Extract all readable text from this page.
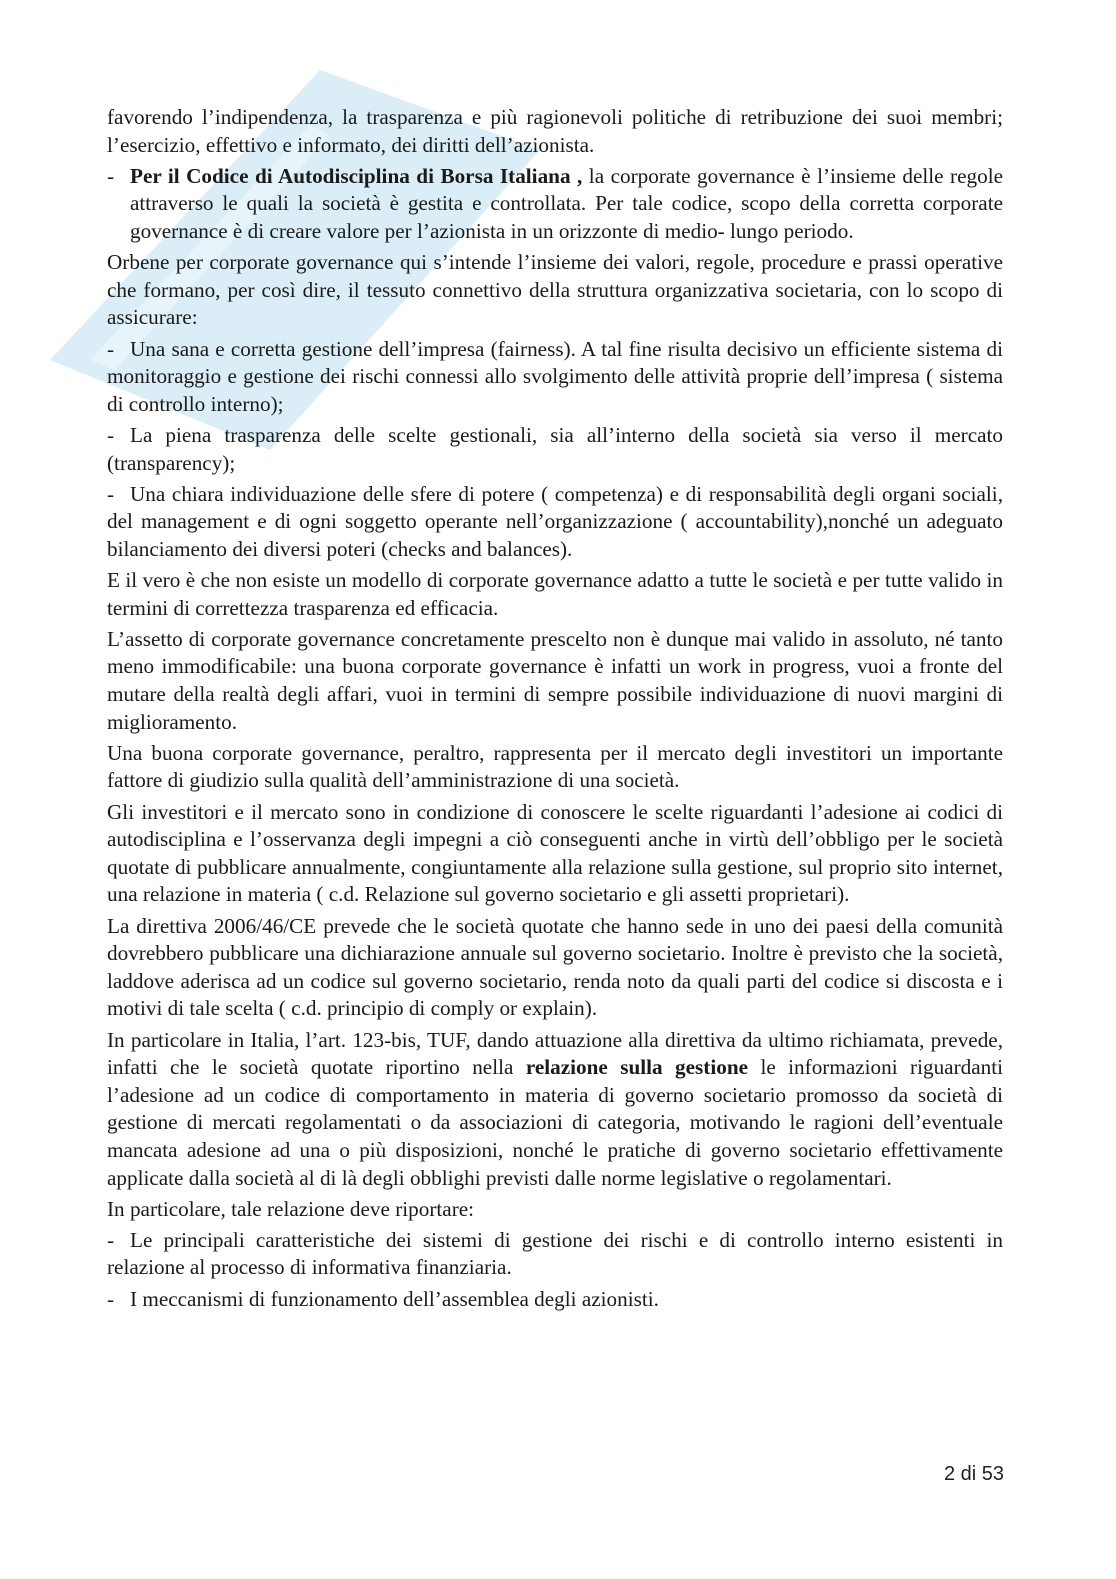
favorendo l’indipendenza, la trasparenza e più ragionevoli politiche di retribuzione dei suoi membri; l’esercizio, effettivo e informato, dei diritti dell’azionista.

- Per il Codice di Autodisciplina di Borsa Italiana , la corporate governance è l’insieme delle regole attraverso le quali la società è gestita e controllata. Per tale codice, scopo della corretta corporate governance è di creare valore per l’azionista in un orizzonte di medio- lungo periodo.

Orbene per corporate governance qui s’intende l’insieme dei valori, regole, procedure e prassi operative che formano, per così dire, il tessuto connettivo della struttura organizzativa societaria, con lo scopo di assicurare:

- Una sana e corretta gestione dell’impresa (fairness). A tal fine risulta decisivo un efficiente sistema di monitoraggio e gestione dei rischi connessi allo svolgimento delle attività proprie dell’impresa ( sistema di controllo interno);

- La piena trasparenza delle scelte gestionali, sia all’interno della società sia verso il mercato (transparency);

- Una chiara individuazione delle sfere di potere ( competenza) e di responsabilità degli organi sociali, del management e di ogni soggetto operante nell’organizzazione ( accountability),nonché un adeguato bilanciamento dei diversi poteri (checks and balances).

E il vero è che non esiste un modello di corporate governance adatto a tutte le società e per tutte valido in termini di correttezza trasparenza ed efficacia.

L’assetto di corporate governance concretamente prescelto non è dunque mai valido in assoluto, né tanto meno immodificabile: una buona corporate governance è infatti un work in progress, vuoi a fronte del mutare della realtà degli affari, vuoi in termini di sempre possibile individuazione di nuovi margini di miglioramento.

Una buona corporate governance, peraltro, rappresenta per il mercato degli investitori un importante fattore di giudizio sulla qualità dell’amministrazione di una società.

Gli investitori e il mercato sono in condizione di conoscere le scelte riguardanti l’adesione ai codici di autodisciplina e l’osservanza degli impegni a ciò conseguenti anche in virtù dell’obbligo per le società quotate di pubblicare annualmente, congiuntamente alla relazione sulla gestione, sul proprio sito internet, una relazione in materia ( c.d. Relazione sul governo societario e gli assetti proprietari).

La direttiva 2006/46/CE prevede che le società quotate che hanno sede in uno dei paesi della comunità dovrebbero pubblicare una dichiarazione annuale sul governo societario. Inoltre è previsto che la società, laddove aderisca ad un codice sul governo societario, renda noto da quali parti del codice si discosta e i motivi di tale scelta ( c.d. principio di comply or explain).

In particolare in Italia, l’art. 123-bis, TUF, dando attuazione alla direttiva da ultimo richiamata, prevede, infatti che le società quotate riportino nella relazione sulla gestione le informazioni riguardanti l’adesione ad un codice di comportamento in materia di governo societario promosso da società di gestione di mercati regolamentati o da associazioni di categoria, motivando le ragioni dell’eventuale mancata adesione ad una o più disposizioni, nonché le pratiche di governo societario effettivamente applicate dalla società al di là degli obblighi previsti dalle norme legislative o regolamentari.

In particolare, tale relazione deve riportare:

- Le principali caratteristiche dei sistemi di gestione dei rischi e di controllo interno esistenti in relazione al processo di informativa finanziaria.

- I meccanismi di funzionamento dell’assemblea degli azionisti.

2 di 53
